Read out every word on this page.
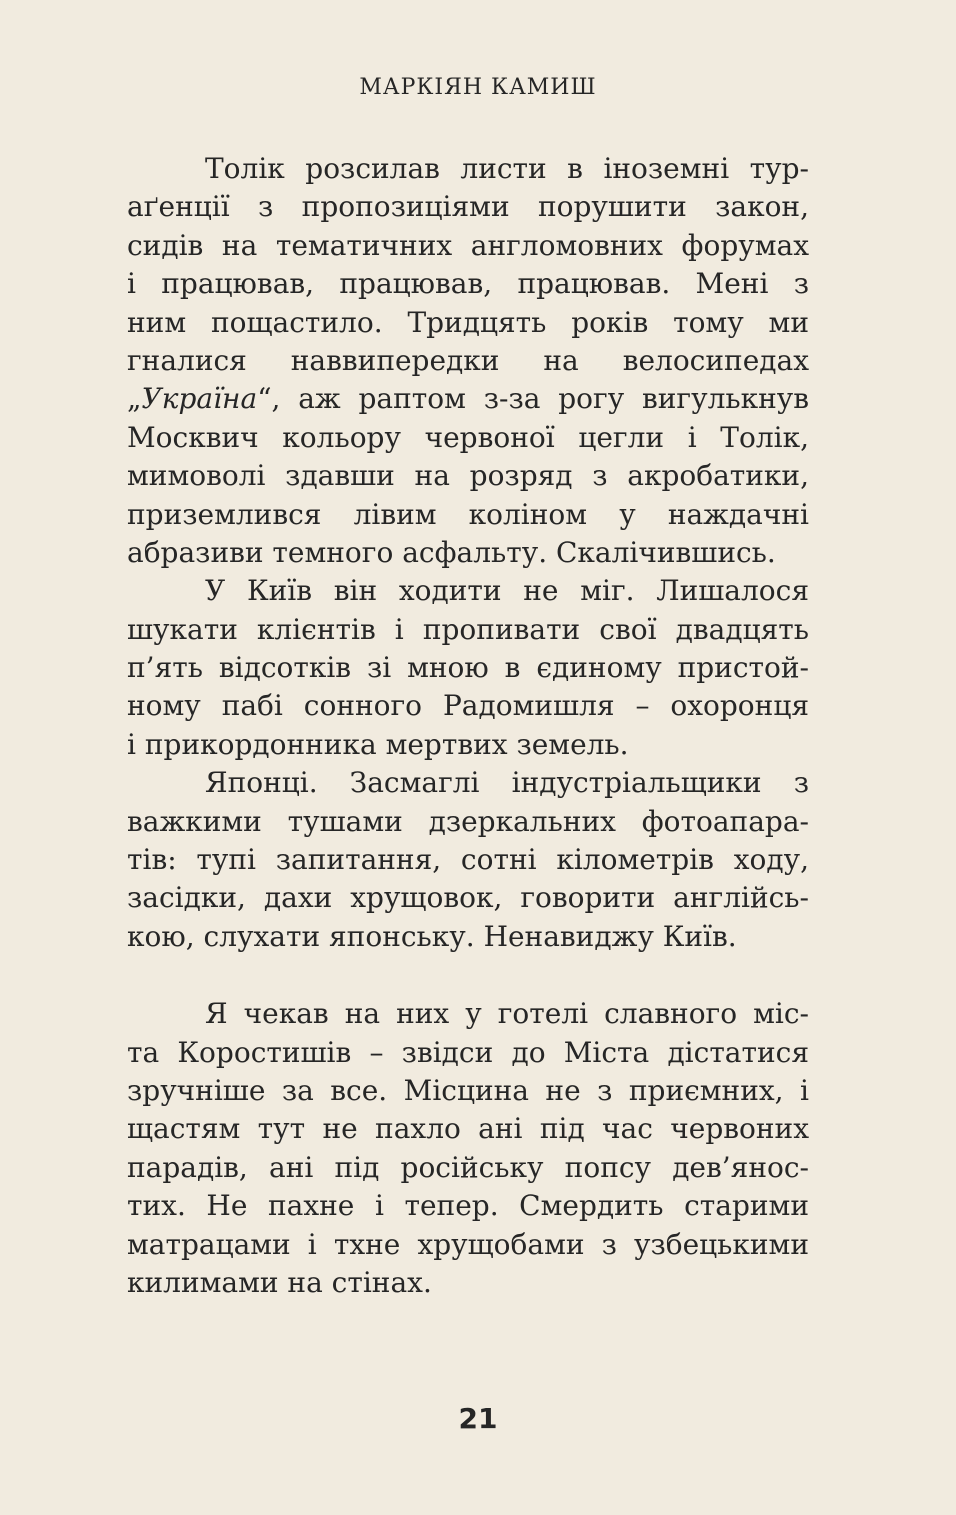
МАРКІЯН КАМИШ
Толік розсилав листи в іноземні тур-
аґенції з пропозиціями порушити закон,
сидів на тематичних англомовних форумах
і працював, працював, працював. Мені з
ним пощастило. Тридцять років тому ми
гналися наввипередки на велосипедах
„Україна“, аж раптом з-за рогу вигулькнув
Москвич кольору червоної цегли і Толік,
мимоволі здавши на розряд з акробатики,
приземлився лівим коліном у наждачні
абразиви темного асфальту. Скалічившись.
У Київ він ходити не міг. Лишалося
шукати клієнтів і пропивати свої двадцять
п’ять відсотків зі мною в єдиному пристой-
ному пабі сонного Радомишля – охоронця
і прикордонника мертвих земель.
Японці. Засмаглі індустріальщики з
важкими тушами дзеркальних фотоапара-
тів: тупі запитання, сотні кілометрів ходу,
засідки, дахи хрущовок, говорити англійсь-
кою, слухати японську. Ненавиджу Київ.
Я чекав на них у готелі славного міс-
та Коростишів – звідси до Міста дістатися
зручніше за все. Місцина не з приємних, і
щастям тут не пахло ані під час червоних
парадів, ані під російську попсу дев’янос-
тих. Не пахне і тепер. Смердить старими
матрацами і тхне хрущобами з узбецькими
килимами на стінах.
21
